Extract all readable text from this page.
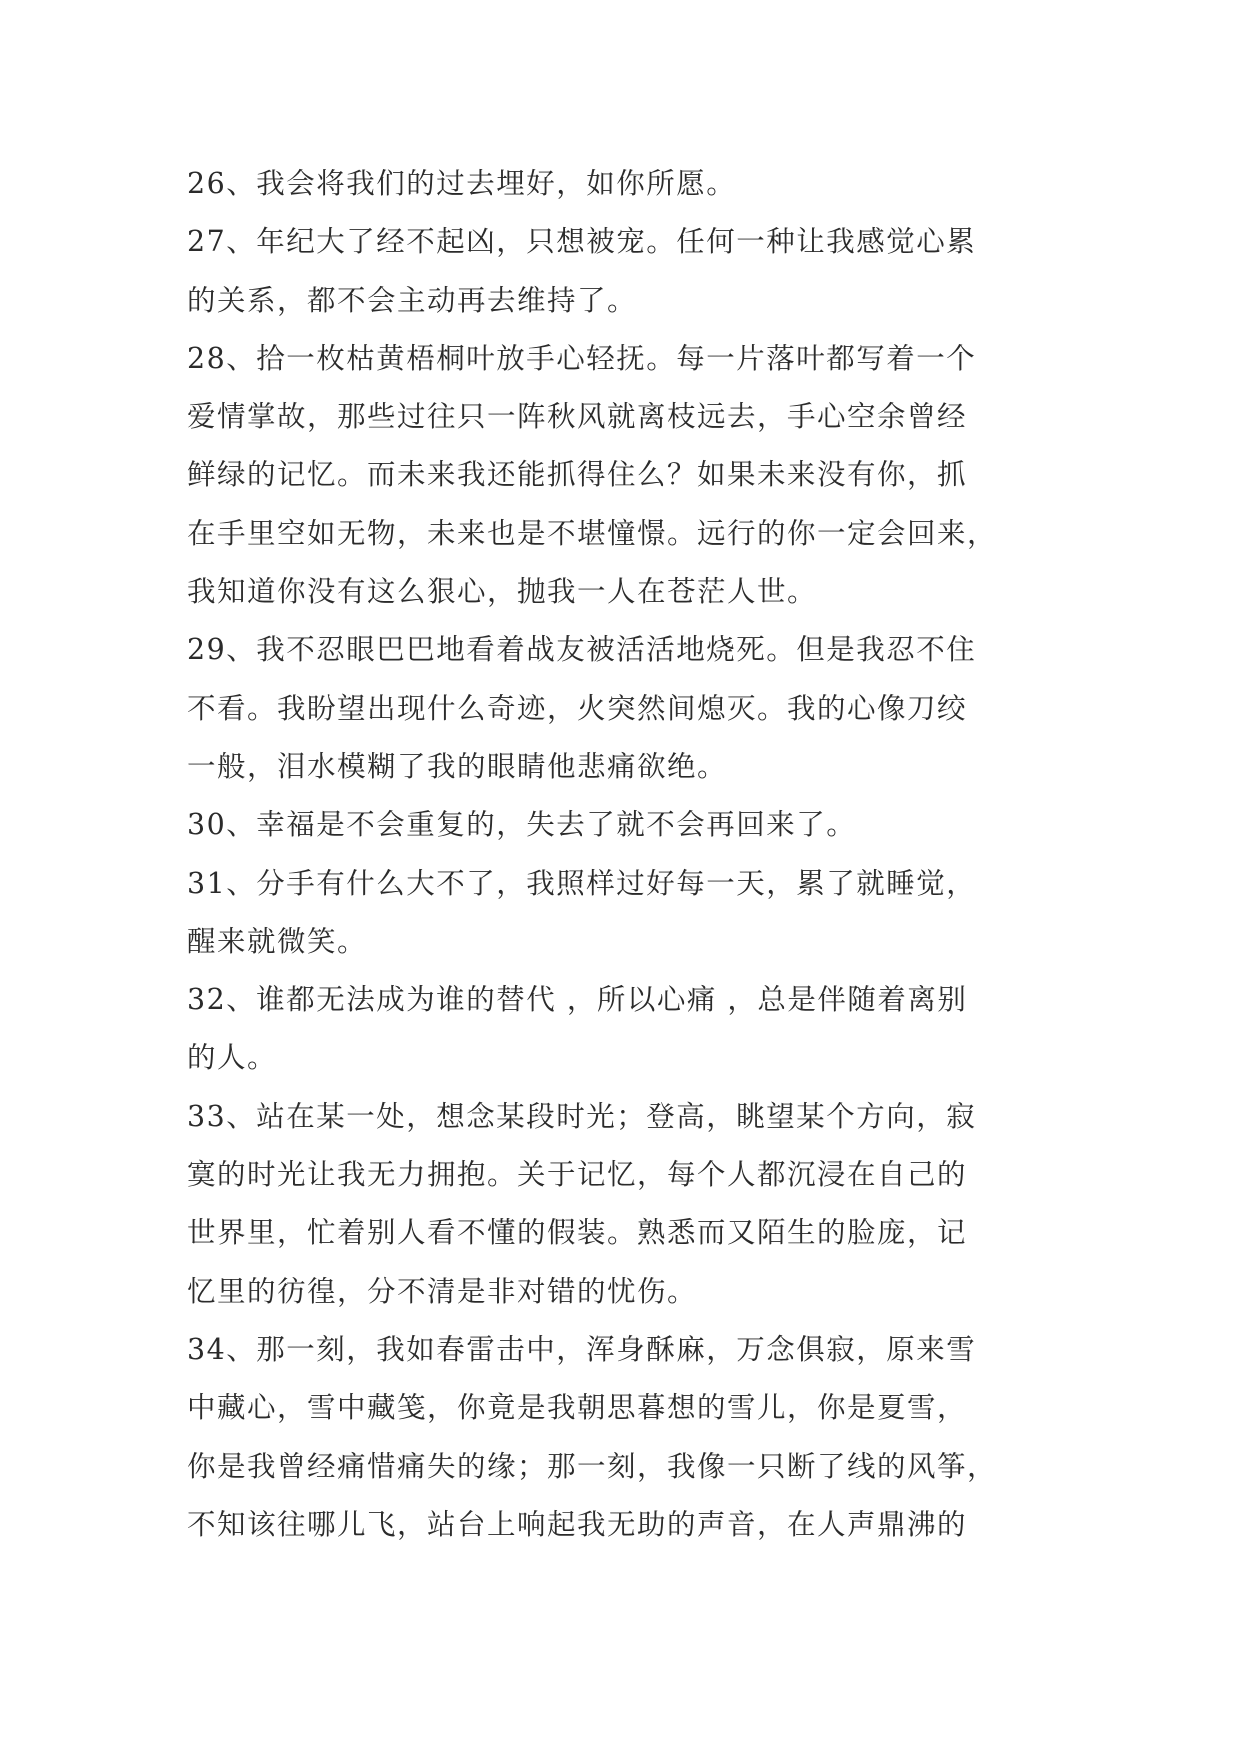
26、我会将我们的过去埋好，如你所愿。
27、年纪大了经不起凶，只想被宠。任何一种让我感觉心累
的关系，都不会主动再去维持了。
28、拾一枚枯黄梧桐叶放手心轻抚。每一片落叶都写着一个
爱情掌故，那些过往只一阵秋风就离枝远去，手心空余曾经
鲜绿的记忆。而未来我还能抓得住么？如果未来没有你，抓
在手里空如无物，未来也是不堪憧憬。远行的你一定会回来，
我知道你没有这么狠心，抛我一人在苍茫人世。
29、我不忍眼巴巴地看着战友被活活地烧死。但是我忍不住
不看。我盼望出现什么奇迹，火突然间熄灭。我的心像刀绞
一般，泪水模糊了我的眼睛他悲痛欲绝。
30、幸福是不会重复的，失去了就不会再回来了。
31、分手有什么大不了，我照样过好每一天，累了就睡觉，
醒来就微笑。
32、谁都无法成为谁的替代 ，所以心痛 ，总是伴随着离别
的人。
33、站在某一处，想念某段时光；登高，眺望某个方向，寂
寞的时光让我无力拥抱。关于记忆，每个人都沉浸在自己的
世界里，忙着别人看不懂的假装。熟悉而又陌生的脸庞，记
忆里的彷徨，分不清是非对错的忧伤。
34、那一刻，我如春雷击中，浑身酥麻，万念俱寂，原来雪
中藏心，雪中藏笺，你竟是我朝思暮想的雪儿，你是夏雪，
你是我曾经痛惜痛失的缘；那一刻，我像一只断了线的风筝，
不知该往哪儿飞，站台上响起我无助的声音，在人声鼎沸的
